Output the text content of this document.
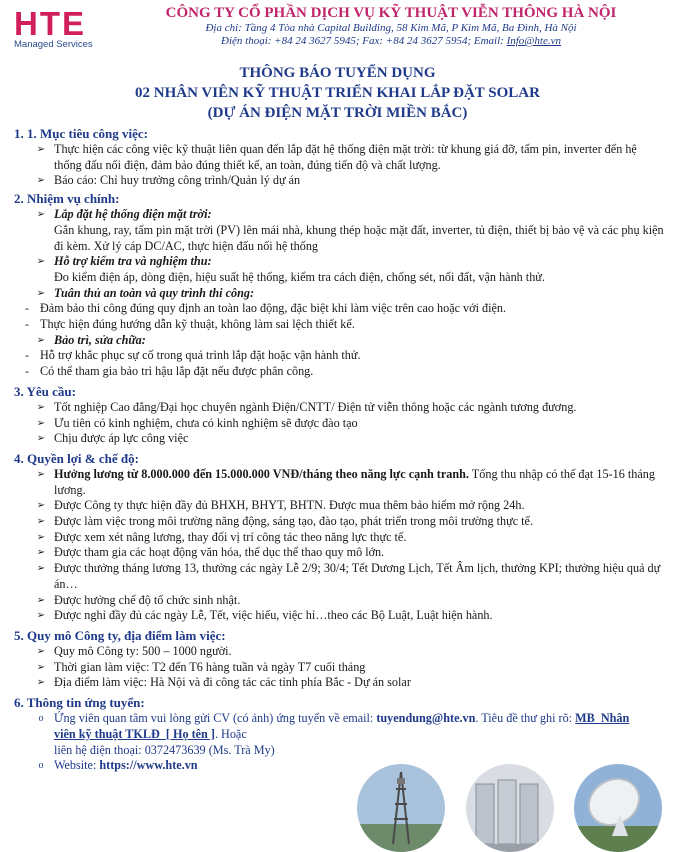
HTE
Managed Services
CÔNG TY CỔ PHẦN DỊCH VỤ KỸ THUẬT VIỄN THÔNG HÀ NỘI
Địa chỉ: Tầng 4 Tòa nhà Capital Building, 58 Kim Mã, P Kim Mã, Ba Đình, Hà Nội
Điện thoại: +84 24 3627 5945; Fax: +84 24 3627 5954; Email: Info@hte.vn
THÔNG BÁO TUYỂN DỤNG
02 NHÂN VIÊN KỸ THUẬT TRIỂN KHAI LẮP ĐẶT SOLAR
(DỰ ÁN ĐIỆN MẶT TRỜI MIỀN BẮC)
1. 1. Mục tiêu công việc:
➢ Thực hiện các công việc kỹ thuật liên quan đến lắp đặt hệ thống điện mặt trời: từ khung giá đỡ, tấm pin, inverter đến hệ thống đấu nối điện, đảm bảo đúng thiết kế, an toàn, đúng tiến độ và chất lượng.
➢ Báo cáo: Chỉ huy trưởng công trình/Quản lý dự án
2. Nhiệm vụ chính:
➢ Lắp đặt hệ thống điện mặt trời:
Gắn khung, ray, tấm pin mặt trời (PV) lên mái nhà, khung thép hoặc mặt đất, inverter, tủ điện, thiết bị bảo vệ và các phụ kiện đi kèm. Xử lý cáp DC/AC, thực hiện đấu nối hệ thống
➢ Hỗ trợ kiểm tra và nghiệm thu:
Đo kiểm điện áp, dòng điện, hiệu suất hệ thống, kiểm tra cách điện, chống sét, nối đất, vận hành thử.
➢ Tuân thủ an toàn và quy trình thi công:
- Đảm bảo thi công đúng quy định an toàn lao động, đặc biệt khi làm việc trên cao hoặc với điện.
- Thực hiện đúng hướng dẫn kỹ thuật, không làm sai lệch thiết kế.
➢ Bảo trì, sửa chữa:
- Hỗ trợ khắc phục sự cố trong quá trình lắp đặt hoặc vận hành thử.
- Có thể tham gia bảo trì hậu lắp đặt nếu được phân công.
3. Yêu cầu:
➢ Tốt nghiệp Cao đẳng/Đại học chuyên ngành Điện/CNTT/ Điện tử viễn thông hoặc các ngành tương đương.
➢ Ưu tiên có kinh nghiệm, chưa có kinh nghiệm sẽ được đào tạo
➢ Chịu được áp lực công việc
4. Quyền lợi & chế độ:
➢ Hưởng lương từ 8.000.000 đến 15.000.000 VNĐ/tháng theo năng lực cạnh tranh. Tổng thu nhập có thể đạt 15-16 tháng lương.
➢ Được Công ty thực hiện đầy đủ BHXH, BHYT, BHTN. Được mua thêm bảo hiểm mở rộng 24h.
➢ Được làm việc trong môi trường năng động, sáng tạo, đào tạo, phát triển trong môi trường thực tế.
➢ Được xem xét nâng lương, thay đổi vị trí công tác theo năng lực thực tế.
➢ Được tham gia các hoạt động văn hóa, thể dục thể thao quy mô lớn.
➢ Được thưởng tháng lương 13, thưởng các ngày Lễ 2/9; 30/4; Tết Dương Lịch, Tết Âm lịch, thưởng KPI; thưởng hiệu quả dự án…
➢ Được hưởng chế độ tổ chức sinh nhật.
➢ Được nghỉ đầy đủ các ngày Lễ, Tết, việc hiếu, việc hỉ…theo các Bộ Luật, Luật hiện hành.
5. Quy mô Công ty, địa điểm làm việc:
➢ Quy mô Công ty: 500 – 1000 người.
➢ Thời gian làm việc: T2 đến T6 hàng tuần và ngày T7 cuối tháng
➢ Địa điểm làm việc: Hà Nội và đi công tác các tỉnh phía Bắc - Dự án solar
6. Thông tin ứng tuyển:
o Ứng viên quan tâm vui lòng gửi CV (có ảnh) ứng tuyển về email: tuyendung@hte.vn. Tiêu đề thư ghi rõ: MB_Nhân viên kỹ thuật TKLĐ_[ Họ tên ]. Hoặc
liên hệ điện thoại: 0372473639 (Ms. Trà My)
o Website: https://www.hte.vn
